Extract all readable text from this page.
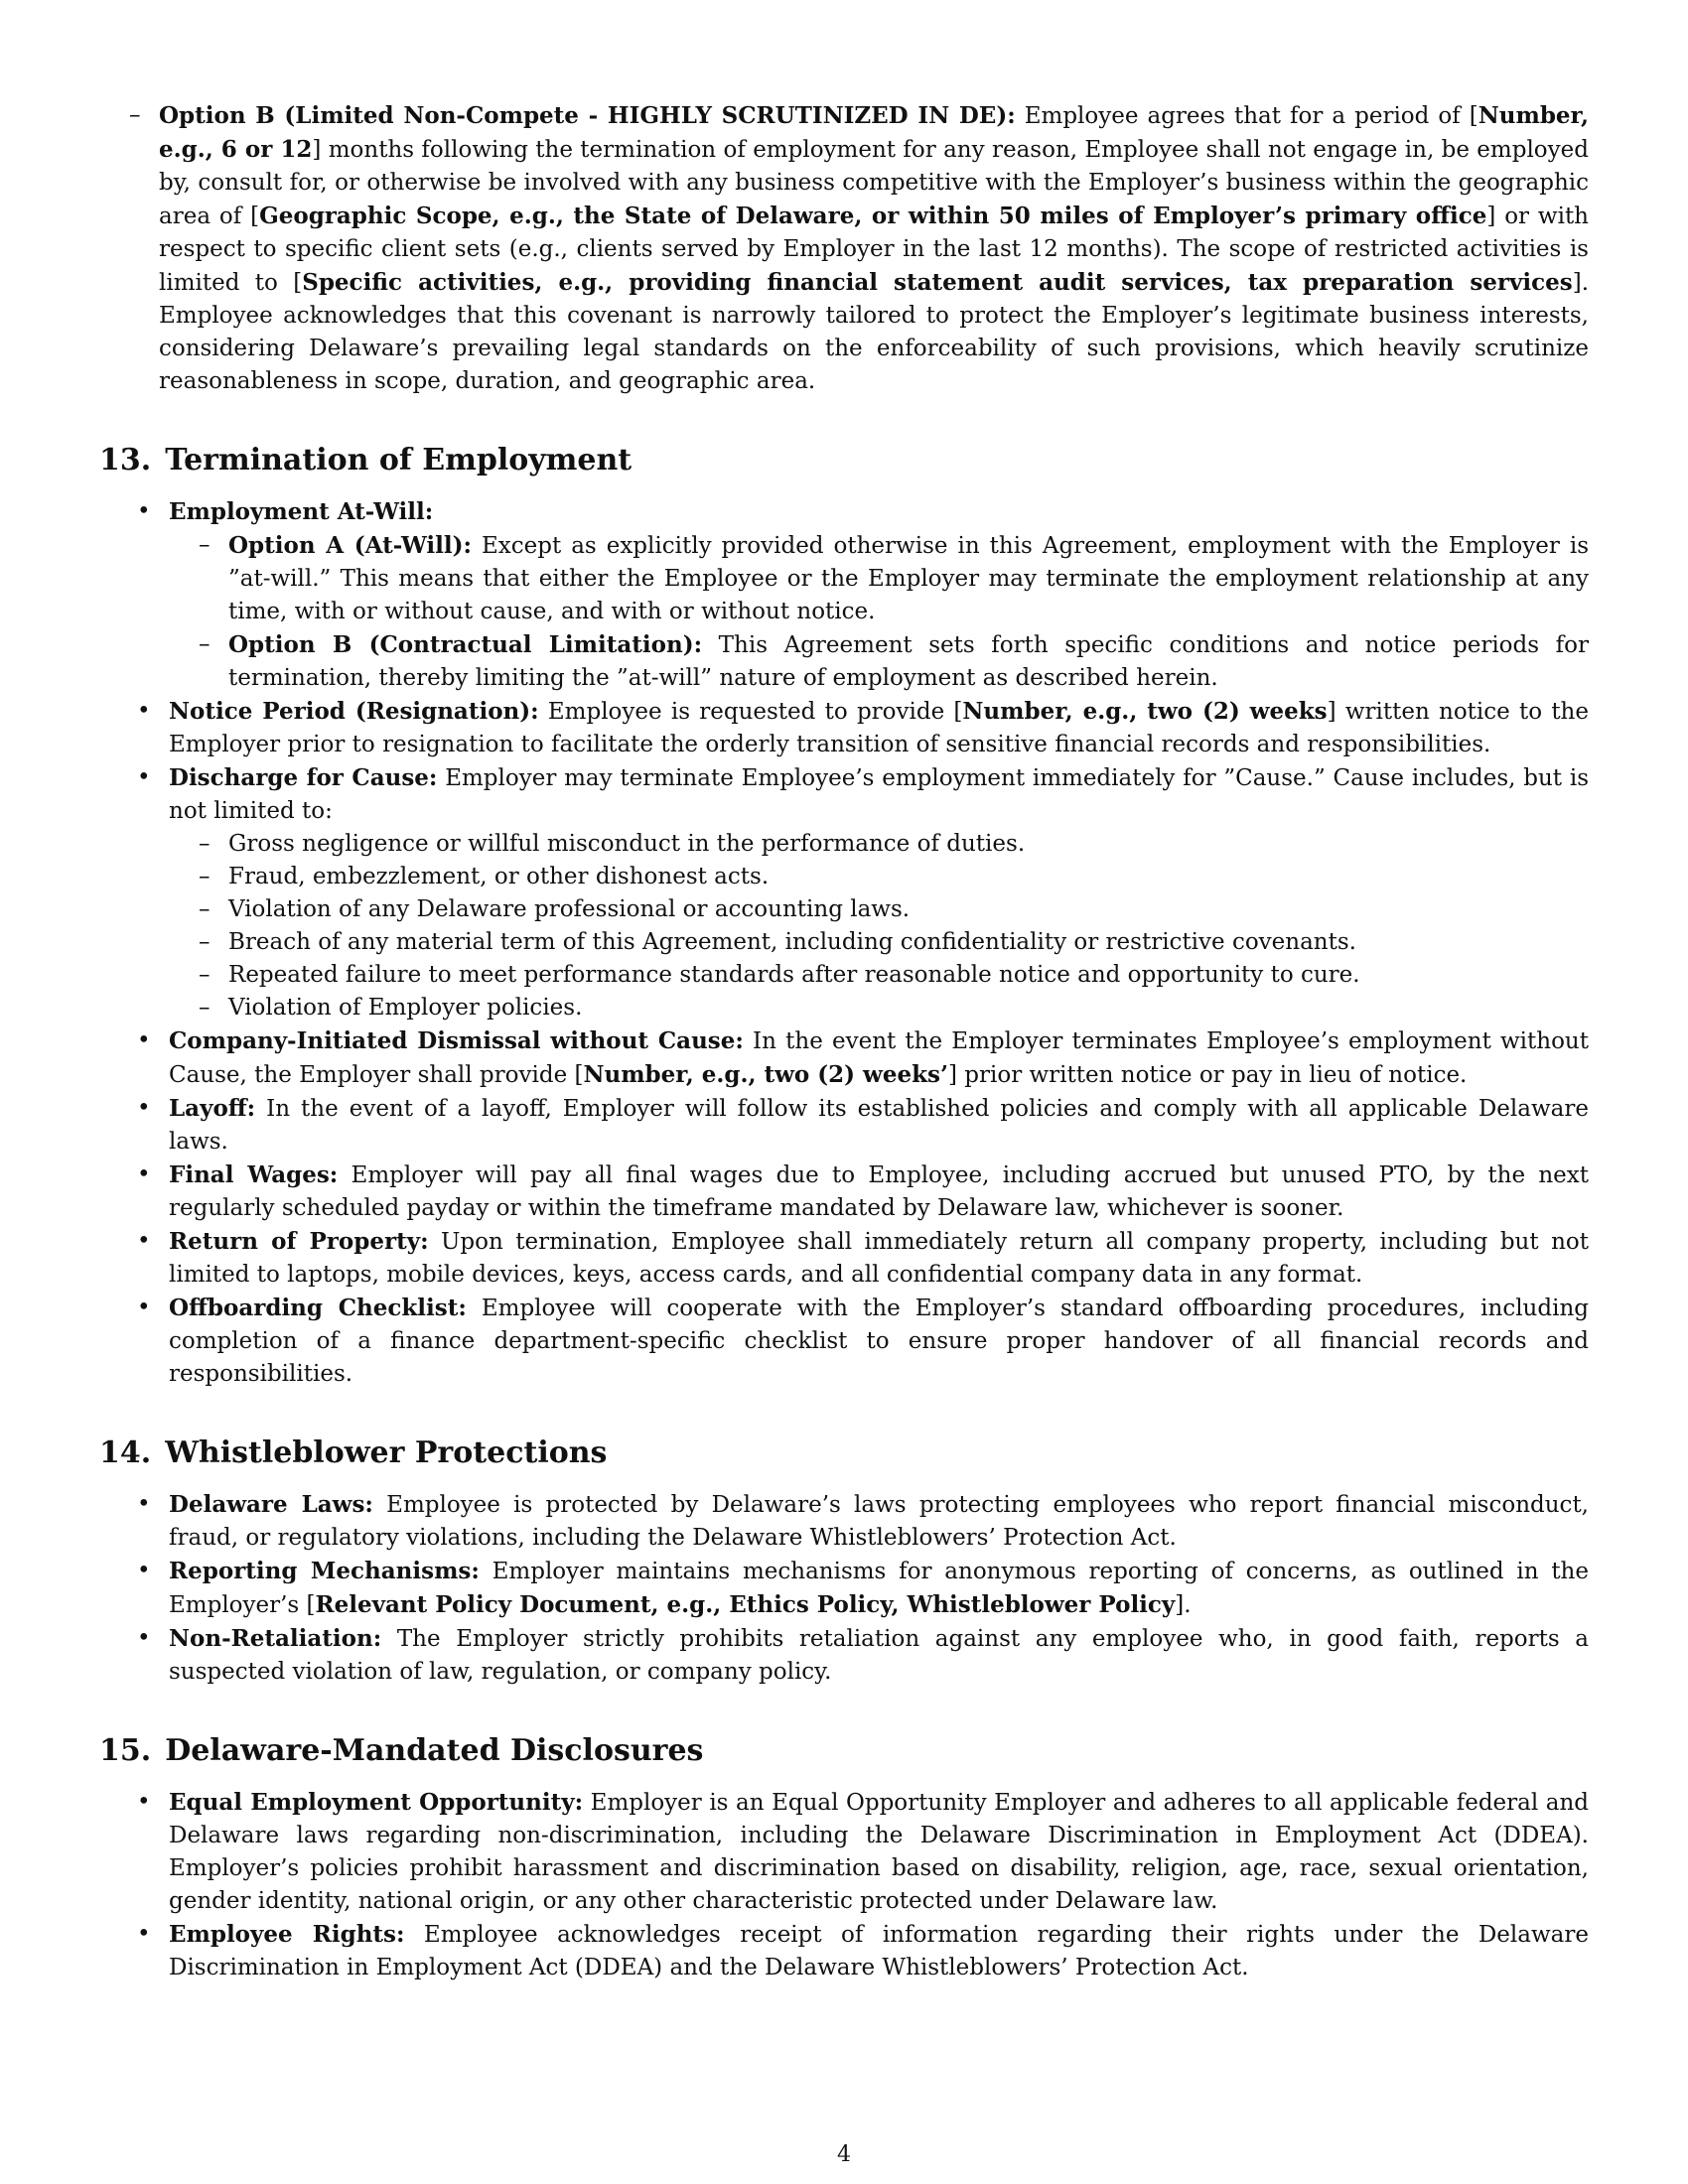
– Option B (Limited Non-Compete - HIGHLY SCRUTINIZED IN DE): Employee agrees that for a period of [Number, e.g., 6 or 12] months following the termination of employment for any reason, Employee shall not engage in, be employed by, consult for, or otherwise be involved with any business competitive with the Employer’s business within the geographic area of [Geographic Scope, e.g., the State of Delaware, or within 50 miles of Employer’s primary office] or with respect to specific client sets (e.g., clients served by Employer in the last 12 months). The scope of restricted activities is limited to [Specific activities, e.g., providing financial statement audit services, tax preparation services]. Employee acknowledges that this covenant is narrowly tailored to protect the Employer’s legitimate business interests, considering Delaware’s prevailing legal standards on the enforceability of such provisions, which heavily scrutinize reasonableness in scope, duration, and geographic area.
13. Termination of Employment
• Employment At-Will:
– Option A (At-Will): Except as explicitly provided otherwise in this Agreement, employment with the Employer is ”at-will.” This means that either the Employee or the Employer may terminate the employment relationship at any time, with or without cause, and with or without notice.
– Option B (Contractual Limitation): This Agreement sets forth specific conditions and notice periods for termination, thereby limiting the ”at-will” nature of employment as described herein.
• Notice Period (Resignation): Employee is requested to provide [Number, e.g., two (2) weeks] written notice to the Employer prior to resignation to facilitate the orderly transition of sensitive financial records and responsibilities.
• Discharge for Cause: Employer may terminate Employee’s employment immediately for ”Cause.” Cause includes, but is not limited to:
– Gross negligence or willful misconduct in the performance of duties.
– Fraud, embezzlement, or other dishonest acts.
– Violation of any Delaware professional or accounting laws.
– Breach of any material term of this Agreement, including confidentiality or restrictive covenants.
– Repeated failure to meet performance standards after reasonable notice and opportunity to cure.
– Violation of Employer policies.
• Company-Initiated Dismissal without Cause: In the event the Employer terminates Employee’s employment without Cause, the Employer shall provide [Number, e.g., two (2) weeks’] prior written notice or pay in lieu of notice.
• Layoff: In the event of a layoff, Employer will follow its established policies and comply with all applicable Delaware laws.
• Final Wages: Employer will pay all final wages due to Employee, including accrued but unused PTO, by the next regularly scheduled payday or within the timeframe mandated by Delaware law, whichever is sooner.
• Return of Property: Upon termination, Employee shall immediately return all company property, including but not limited to laptops, mobile devices, keys, access cards, and all confidential company data in any format.
• Offboarding Checklist: Employee will cooperate with the Employer’s standard offboarding procedures, including completion of a finance department-specific checklist to ensure proper handover of all financial records and responsibilities.
14. Whistleblower Protections
• Delaware Laws: Employee is protected by Delaware’s laws protecting employees who report financial misconduct, fraud, or regulatory violations, including the Delaware Whistleblowers’ Protection Act.
• Reporting Mechanisms: Employer maintains mechanisms for anonymous reporting of concerns, as outlined in the Employer’s [Relevant Policy Document, e.g., Ethics Policy, Whistleblower Policy].
• Non-Retaliation: The Employer strictly prohibits retaliation against any employee who, in good faith, reports a suspected violation of law, regulation, or company policy.
15. Delaware-Mandated Disclosures
• Equal Employment Opportunity: Employer is an Equal Opportunity Employer and adheres to all applicable federal and Delaware laws regarding non-discrimination, including the Delaware Discrimination in Employment Act (DDEA). Employer’s policies prohibit harassment and discrimination based on disability, religion, age, race, sexual orientation, gender identity, national origin, or any other characteristic protected under Delaware law.
• Employee Rights: Employee acknowledges receipt of information regarding their rights under the Delaware Discrimination in Employment Act (DDEA) and the Delaware Whistleblowers’ Protection Act.
4
